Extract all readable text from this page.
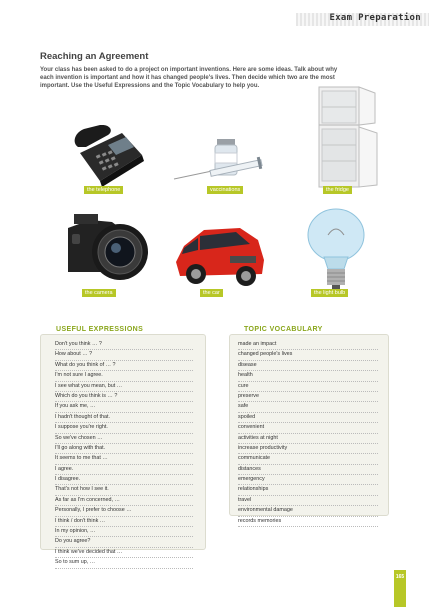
Exam Preparation
Reaching an Agreement
Your class has been asked to do a project on important inventions. Here are some ideas. Talk about why each invention is important and how it has changed people's lives. Then decide which two are the most important. Use the Useful Expressions and the Topic Vocabulary to help you.
the telephone	vaccinations	the fridge
the camera	the car	the light bulb
USEFUL EXPRESSIONS
Don't you think … ?
How about … ?
What do you think of … ?
I'm not sure I agree.
I see what you mean, but …
Which do you think is … ?
If you ask me, …
I hadn't thought of that.
I suppose you're right.
So we've chosen …
I'll go along with that.
It seems to me that …
I agree.
I disagree.
That's not how I see it.
As far as I'm concerned, …
Personally, I prefer to choose …
I think / don't think …
In my opinion, …
Do you agree?
I think we've decided that …
So to sum up, …
TOPIC VOCABULARY
made an impact
changed people's lives
disease
health
cure
preserve
safe
spoiled
convenient
activities at night
increase productivity
communicate
distances
emergency
relationships
travel
environmental damage
records memories
165
